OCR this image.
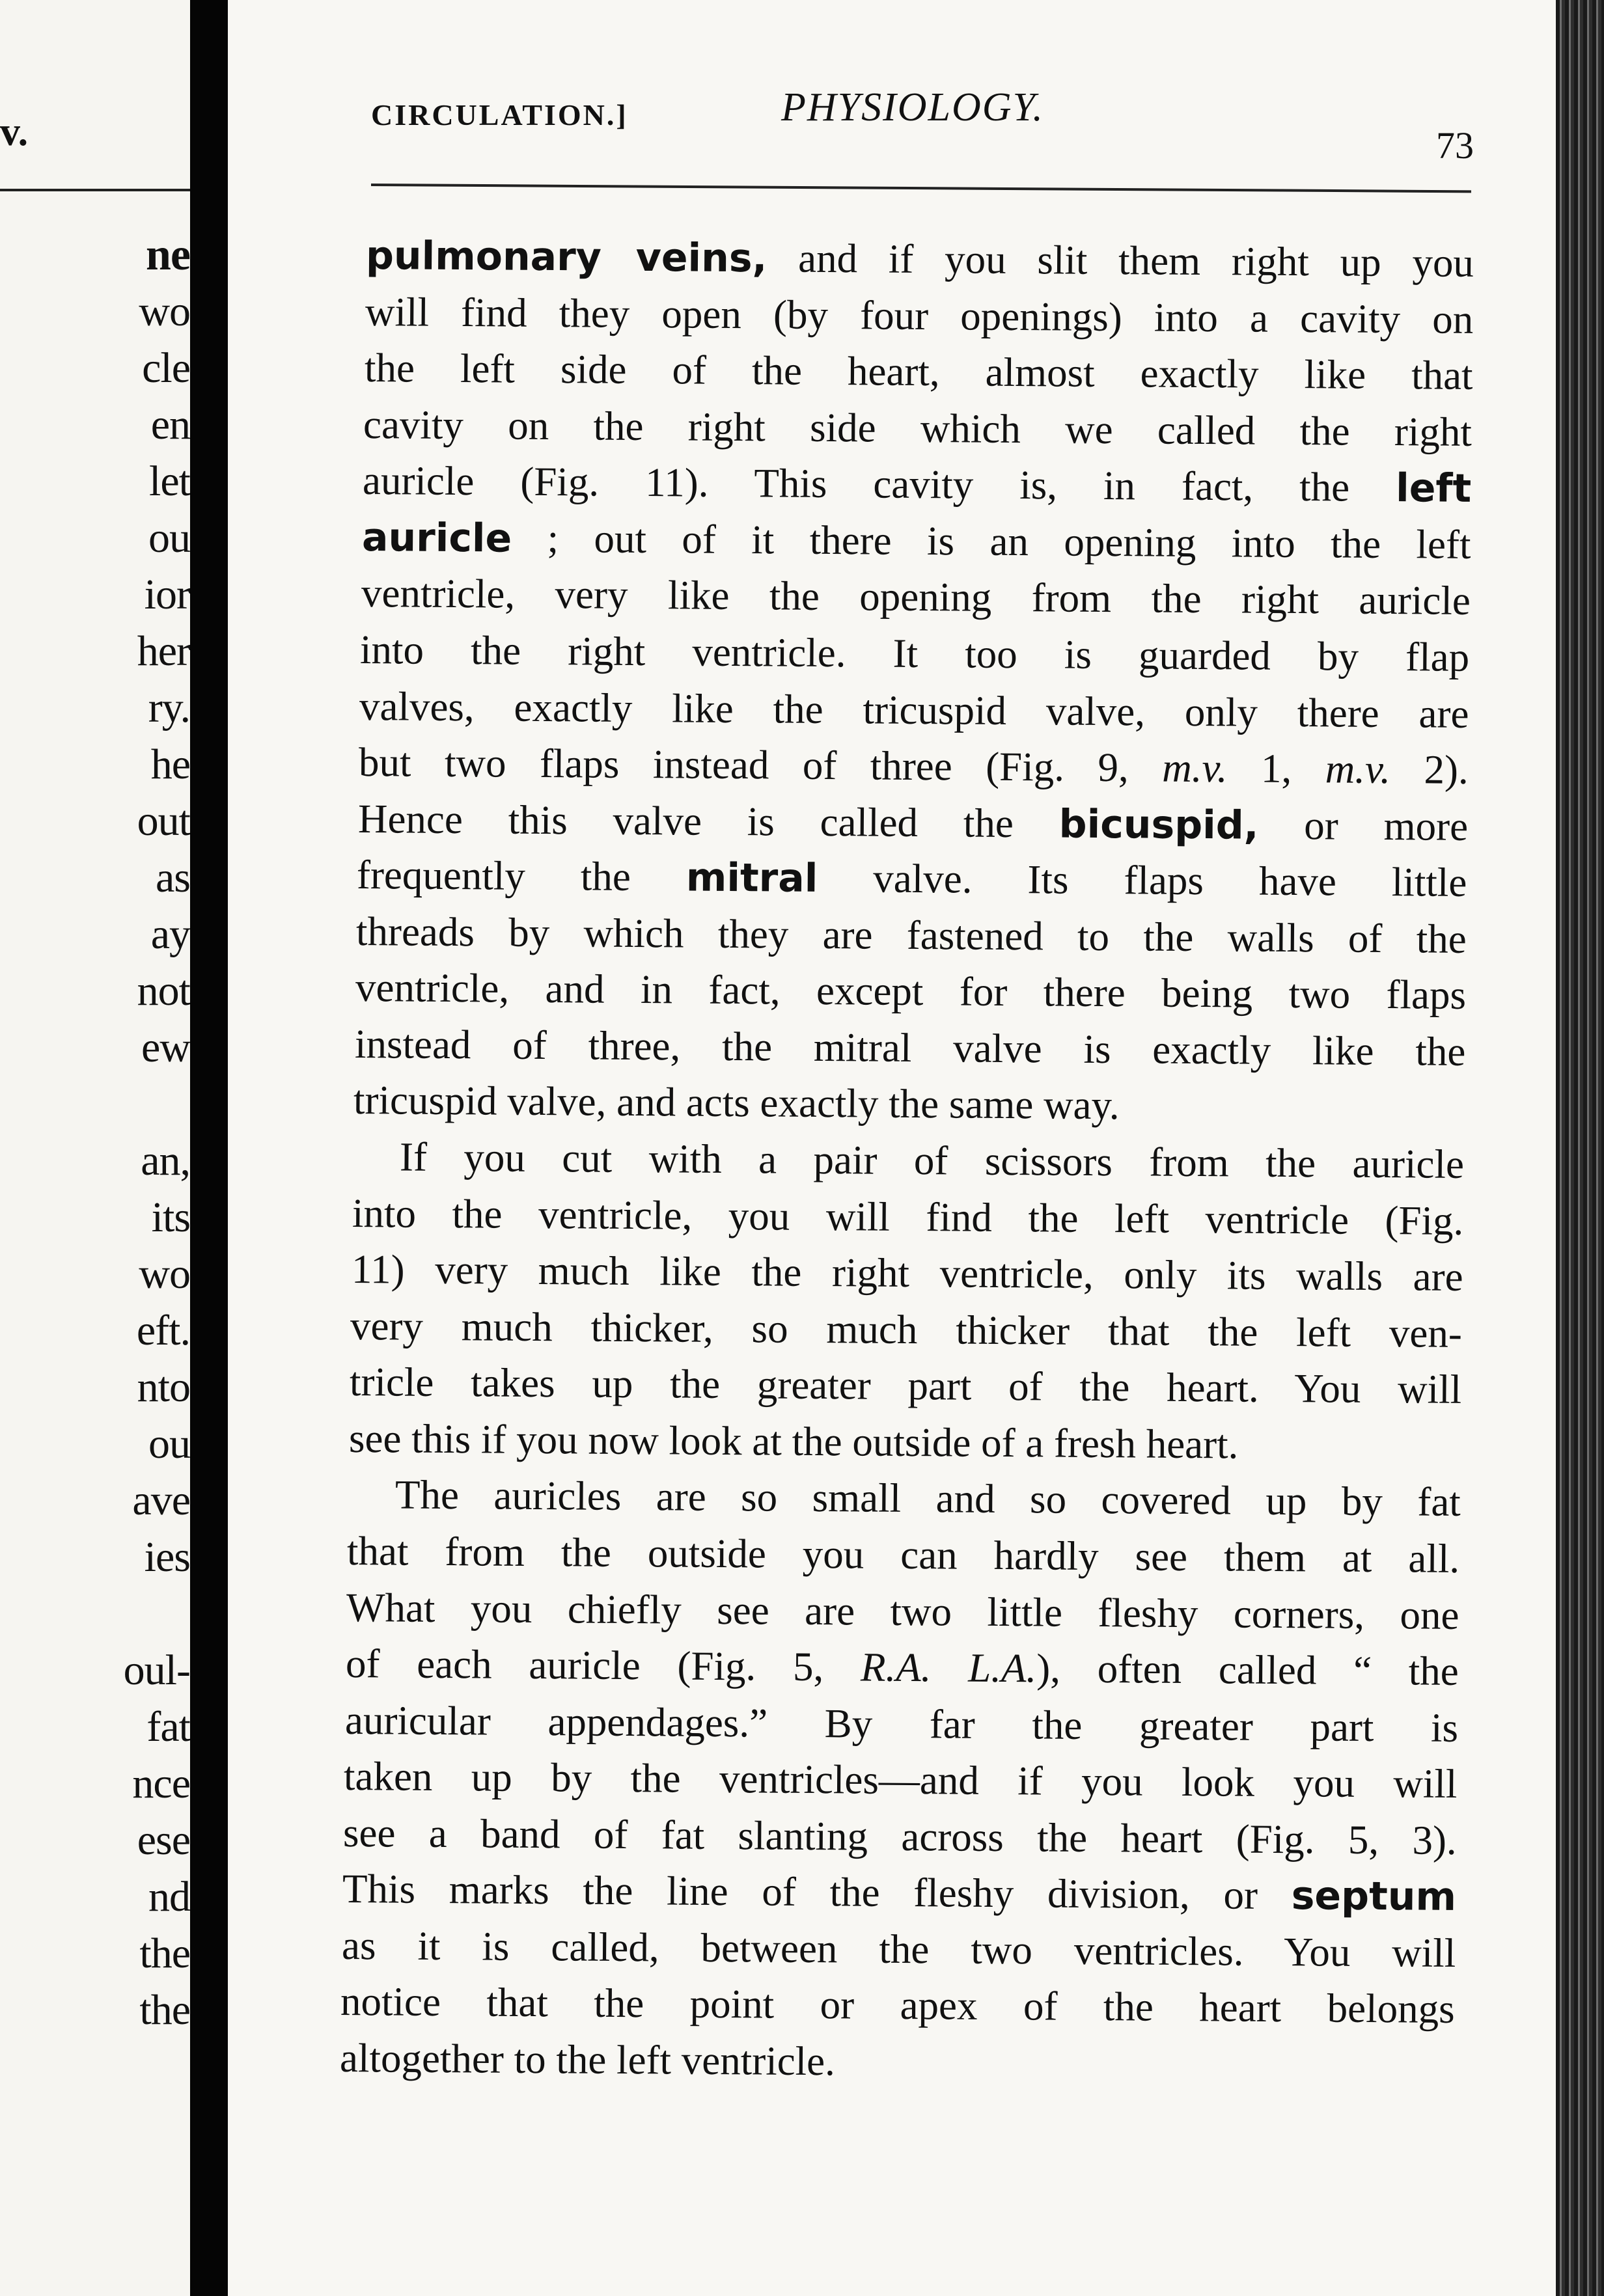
v.
ne
wo
cle
en
let
ou
ior
her
ry.
he
out
as
ay
not
ew
an,
its
wo
eft.
nto
ou
ave
ies
oul-
fat
nce
ese
nd
the
the
CIRCULATION.]	PHYSIOLOGY.
73
pulmonary veins, and if you slit them right up you
will find they open (by four openings) into a cavity on
the left side of the heart, almost exactly like that
cavity on the right side which we called the right
auricle (Fig. 11). This cavity is, in fact, the left
auricle ; out of it there is an opening into the left
ventricle, very like the opening from the right auricle
into the right ventricle. It too is guarded by flap
valves, exactly like the tricuspid valve, only there are
but two flaps instead of three (Fig. 9, m.v. 1, m.v. 2).
Hence this valve is called the bicuspid, or more
frequently the mitral valve. Its flaps have little
threads by which they are fastened to the walls of the
ventricle, and in fact, except for there being two flaps
instead of three, the mitral valve is exactly like the
tricuspid valve, and acts exactly the same way.
If you cut with a pair of scissors from the auricle
into the ventricle, you will find the left ventricle (Fig.
11) very much like the right ventricle, only its walls are
very much thicker, so much thicker that the left ven-
tricle takes up the greater part of the heart. You will
see this if you now look at the outside of a fresh heart.
The auricles are so small and so covered up by fat
that from the outside you can hardly see them at all.
What you chiefly see are two little fleshy corners, one
of each auricle (Fig. 5, R.A. L.A.), often called “ the
auricular appendages.” By far the greater part is
taken up by the ventricles—and if you look you will
see a band of fat slanting across the heart (Fig. 5, 3).
This marks the line of the fleshy division, or septum
as it is called, between the two ventricles. You will
notice that the point or apex of the heart belongs
altogether to the left ventricle.
